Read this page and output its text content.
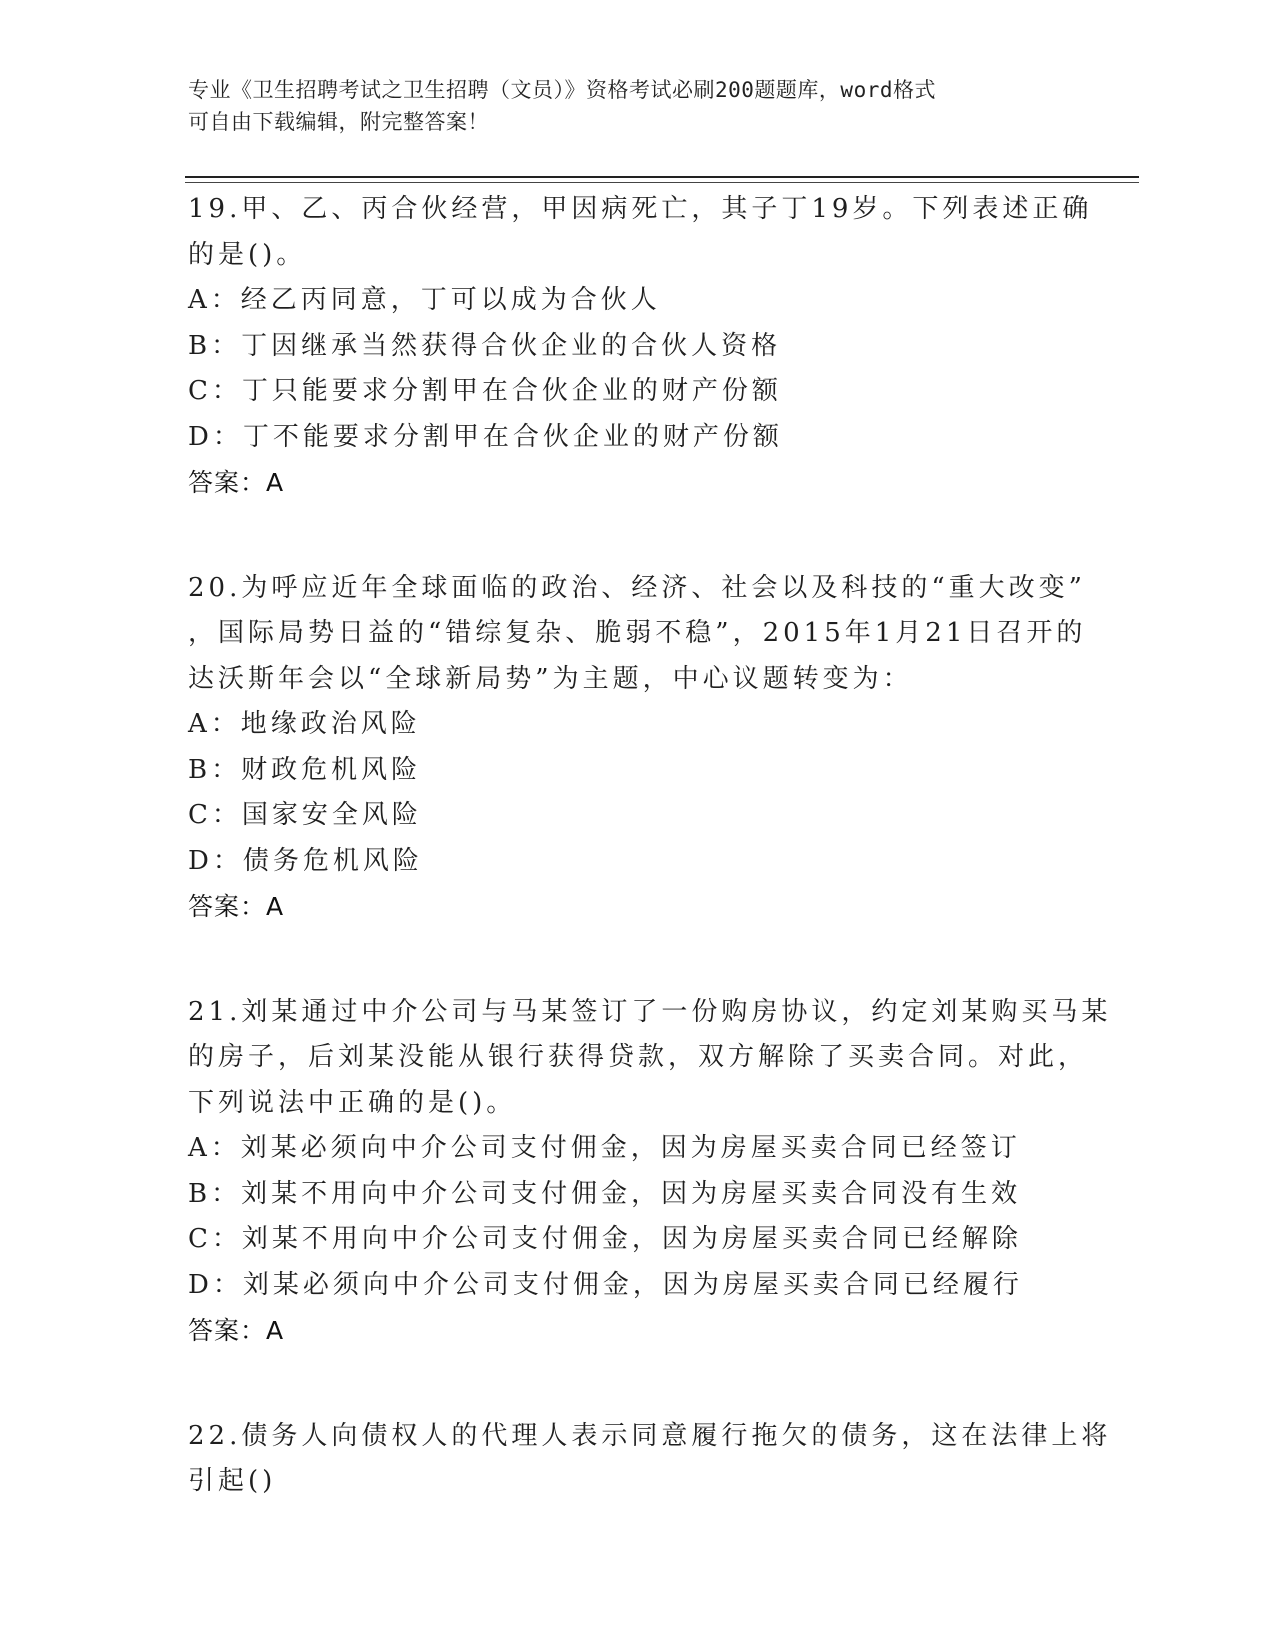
专业《卫生招聘考试之卫生招聘（文员）》资格考试必刷200题题库，word格式
可自由下载编辑，附完整答案！
19.甲、乙、丙合伙经营，甲因病死亡，其子丁19岁。下列表述正确
的是()。
A：经乙丙同意，丁可以成为合伙人
B：丁因继承当然获得合伙企业的合伙人资格
C：丁只能要求分割甲在合伙企业的财产份额
D：丁不能要求分割甲在合伙企业的财产份额
答案：A
20.为呼应近年全球面临的政治、经济、社会以及科技的“重大改变”
，国际局势日益的“错综复杂、脆弱不稳”，2015年1月21日召开的
达沃斯年会以“全球新局势”为主题，中心议题转变为：
A：地缘政治风险
B：财政危机风险
C：国家安全风险
D：债务危机风险
答案：A
21.刘某通过中介公司与马某签订了一份购房协议，约定刘某购买马某
的房子，后刘某没能从银行获得贷款，双方解除了买卖合同。对此，
下列说法中正确的是()。
A：刘某必须向中介公司支付佣金，因为房屋买卖合同已经签订
B：刘某不用向中介公司支付佣金，因为房屋买卖合同没有生效
C：刘某不用向中介公司支付佣金，因为房屋买卖合同已经解除
D：刘某必须向中介公司支付佣金，因为房屋买卖合同已经履行
答案：A
22.债务人向债权人的代理人表示同意履行拖欠的债务，这在法律上将
引起()
